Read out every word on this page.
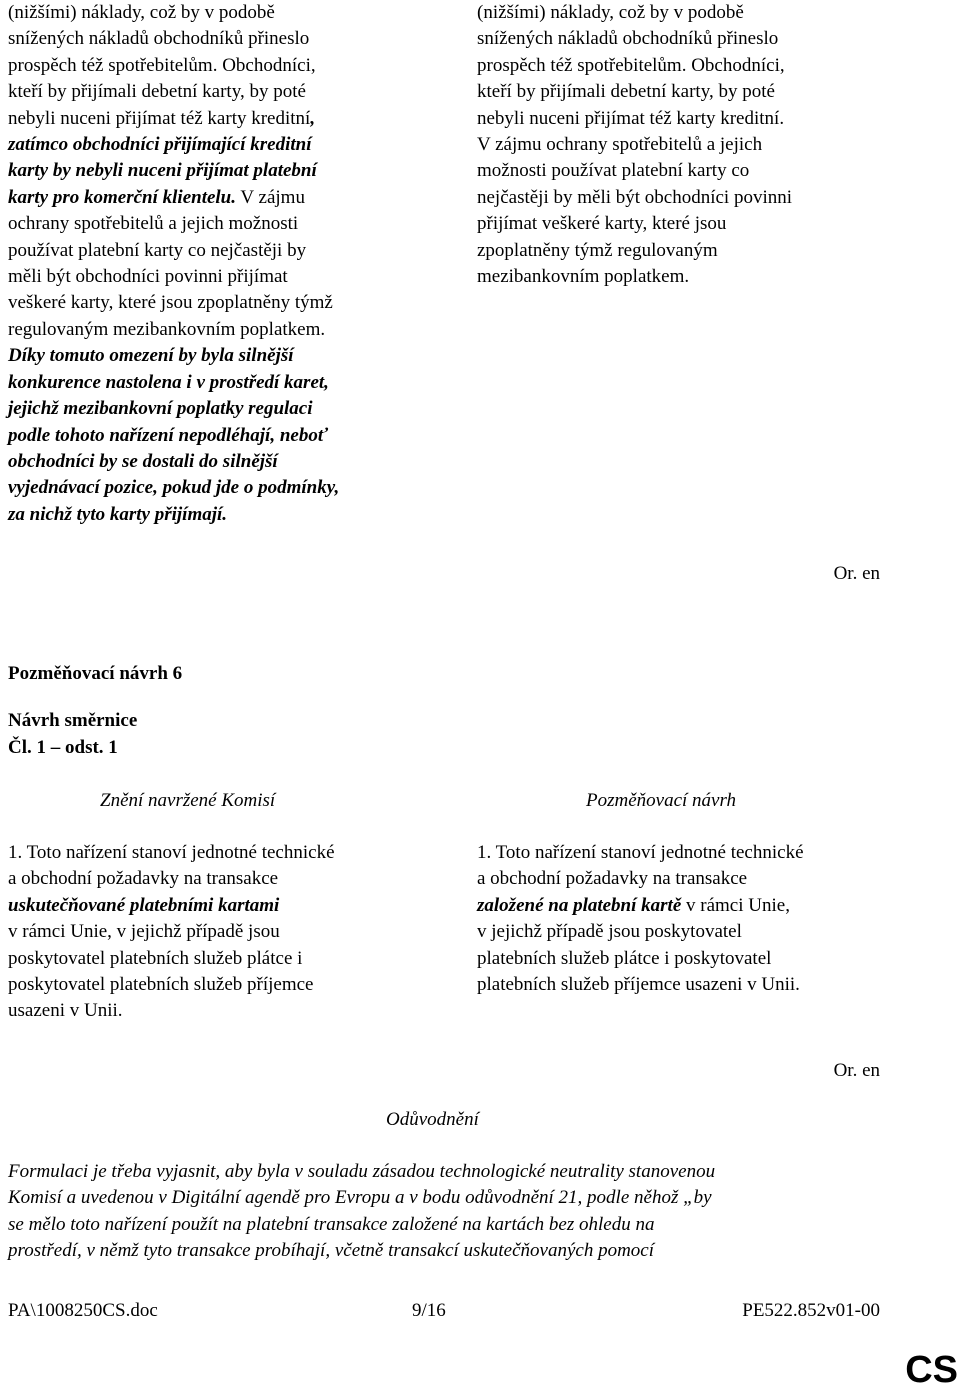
(nižšími) náklady, což by v podobě
snížených nákladů obchodníků přineslo
prospěch též spotřebitelům. Obchodníci,
kteří by přijímali debetní karty, by poté
nebyli nuceni přijímat též karty kreditní,
zatímco obchodníci přijímající kreditní
karty by nebyli nuceni přijímat platební
karty pro komerční klientelu. V zájmu
ochrany spotřebitelů a jejich možnosti
používat platební karty co nejčastěji by
měli být obchodníci povinni přijímat
veškeré karty, které jsou zpoplatněny týmž
regulovaným mezibankovním poplatkem.
Díky tomuto omezení by byla silnější
konkurence nastolena i v prostředí karet,
jejichž mezibankovní poplatky regulaci
podle tohoto nařízení nepodléhají, neboť
obchodníci by se dostali do silnější
vyjednávací pozice, pokud jde o podmínky,
za nichž tyto karty přijímají.
(nižšími) náklady, což by v podobě
snížených nákladů obchodníků přineslo
prospěch též spotřebitelům. Obchodníci,
kteří by přijímali debetní karty, by poté
nebyli nuceni přijímat též karty kreditní.
V zájmu ochrany spotřebitelů a jejich
možnosti používat platební karty co
nejčastěji by měli být obchodníci povinni
přijímat veškeré karty, které jsou
zpoplatněny týmž regulovaným
mezibankovním poplatkem.
Or. en
Pozměňovací návrh 6
Návrh směrnice
Čl. 1 – odst. 1
Znění navržené Komisí	Pozměňovací návrh
1. Toto nařízení stanoví jednotné technické
a obchodní požadavky na transakce
uskutečňované platebními kartami
v rámci Unie, v jejichž případě jsou
poskytovatel platebních služeb plátce i
poskytovatel platebních služeb příjemce
usazeni v Unii.
1. Toto nařízení stanoví jednotné technické
a obchodní požadavky na transakce
založené na platební kartě v rámci Unie,
v jejichž případě jsou poskytovatel
platebních služeb plátce i poskytovatel
platebních služeb příjemce usazeni v Unii.
Or. en
Odůvodnění
Formulaci je třeba vyjasnit, aby byla v souladu zásadou technologické neutrality stanovenou
Komisí a uvedenou v Digitální agendě pro Evropu a v bodu odůvodnění 21, podle něhož „by
se mělo toto nařízení použít na platební transakce založené na kartách bez ohledu na
prostředí, v němž tyto transakce probíhají, včetně transakcí uskutečňovaných pomocí
PA\1008250CS.doc	9/16	PE522.852v01-00
CS
